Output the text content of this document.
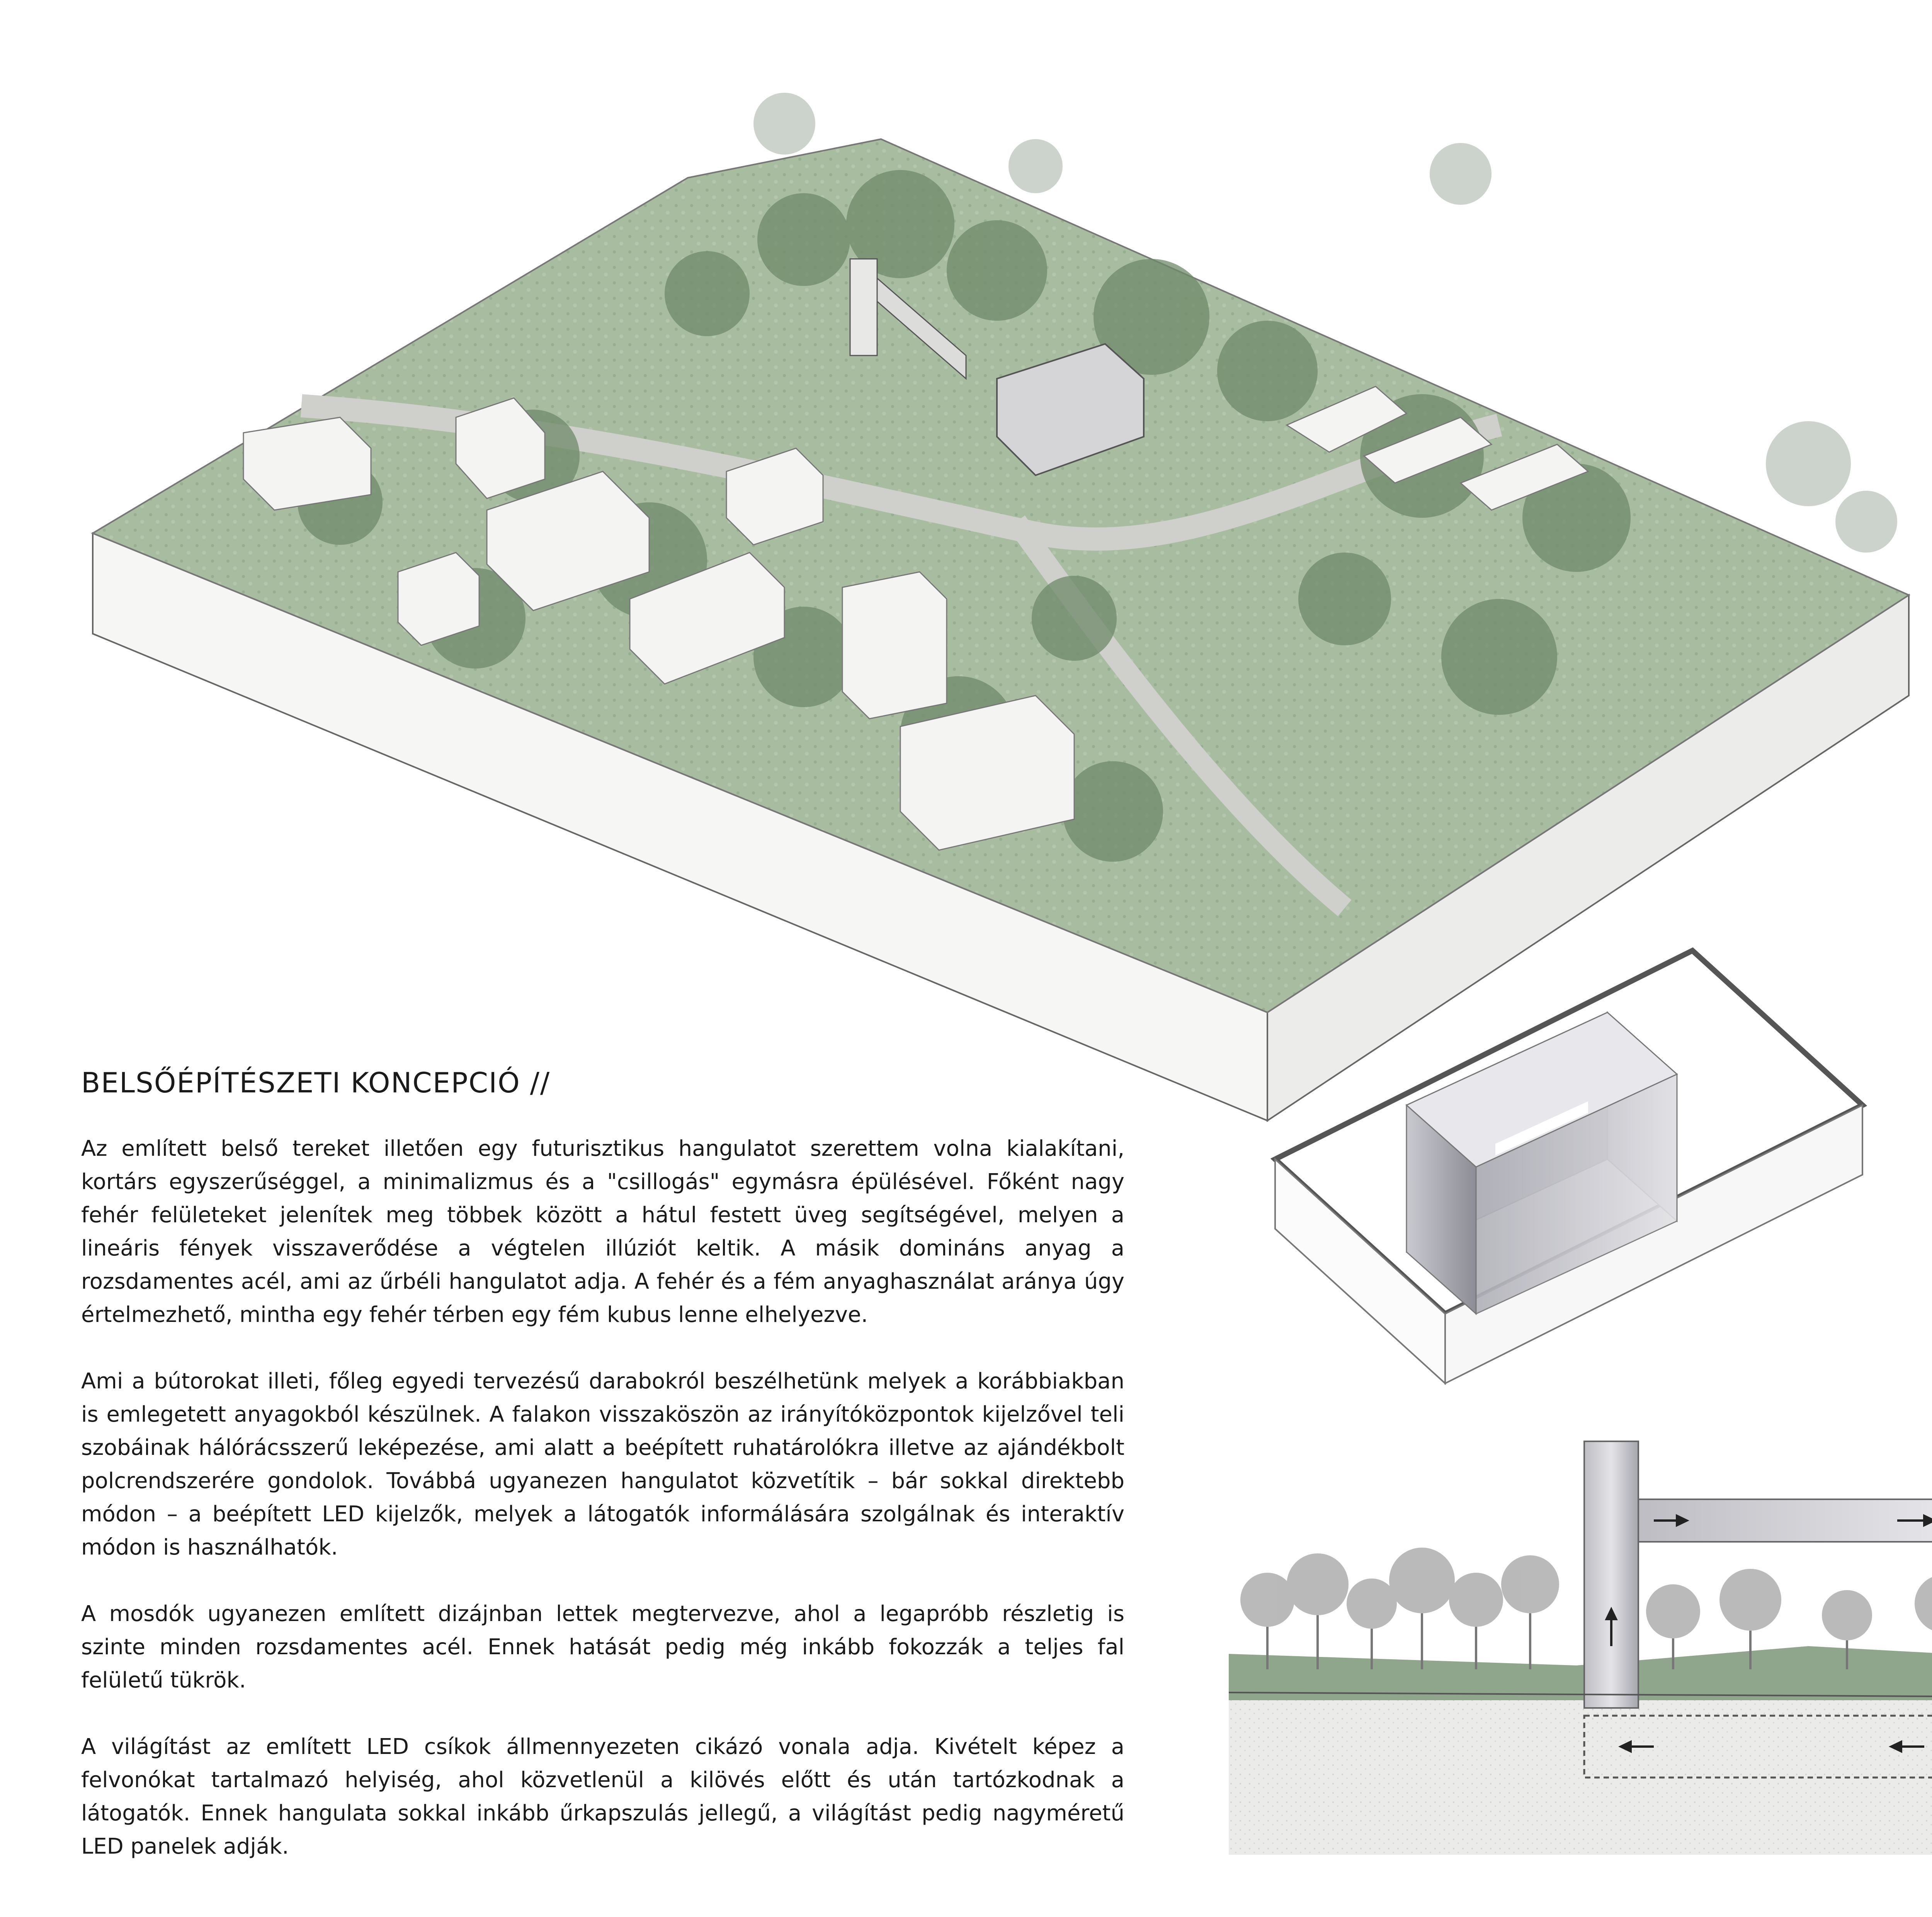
BELSŐÉPÍTÉSZETI KONCEPCIÓ //

Az említett belső tereket illetően egy futurisztikus hangulatot szerettem volna kialakítani, kortárs egyszerűséggel, a minimalizmus és a "csillogás" egymásra épülésével. Főként nagy fehér felületeket jelenítek meg többek között a hátul festett üveg segítségével, melyen a lineáris fények visszaverődése a végtelen illúziót keltik. A másik domináns anyag a rozsdamentes acél, ami az űrbéli hangulatot adja. A fehér és a fém anyaghasználat aránya úgy értelmezhető, mintha egy fehér térben egy fém kubus lenne elhelyezve.

Ami a bútorokat illeti, főleg egyedi tervezésű darabokról beszélhetünk melyek a korábbiakban is emlegetett anyagokból készülnek. A falakon visszaköszön az irányítóközpontok kijelzővel teli szobáinak hálórácsszerű leképezése, ami alatt a beépített ruhatárolókra illetve az ajándékbolt polcrendszerére gondolok. Továbbá ugyanezen hangulatot közvetítik – bár sokkal direktebb módon – a beépített LED kijelzők, melyek a látogatók informálására szolgálnak és interaktív módon is használhatók.

A mosdók ugyanezen említett dizájnban lettek megtervezve, ahol a legapróbb részletig is szinte minden rozsdamentes acél. Ennek hatását pedig még inkább fokozzák a teljes fal felületű tükrök.

A világítást az említett LED csíkok állmennyezeten cikázó vonala adja. Kivételt képez a felvonókat tartalmazó helyiség, ahol közvetlenül a kilövés előtt és után tartózkodnak a látogatók. Ennek hangulata sokkal inkább űrkapszulás jellegű, a világítást pedig nagyméretű LED panelek adják.
